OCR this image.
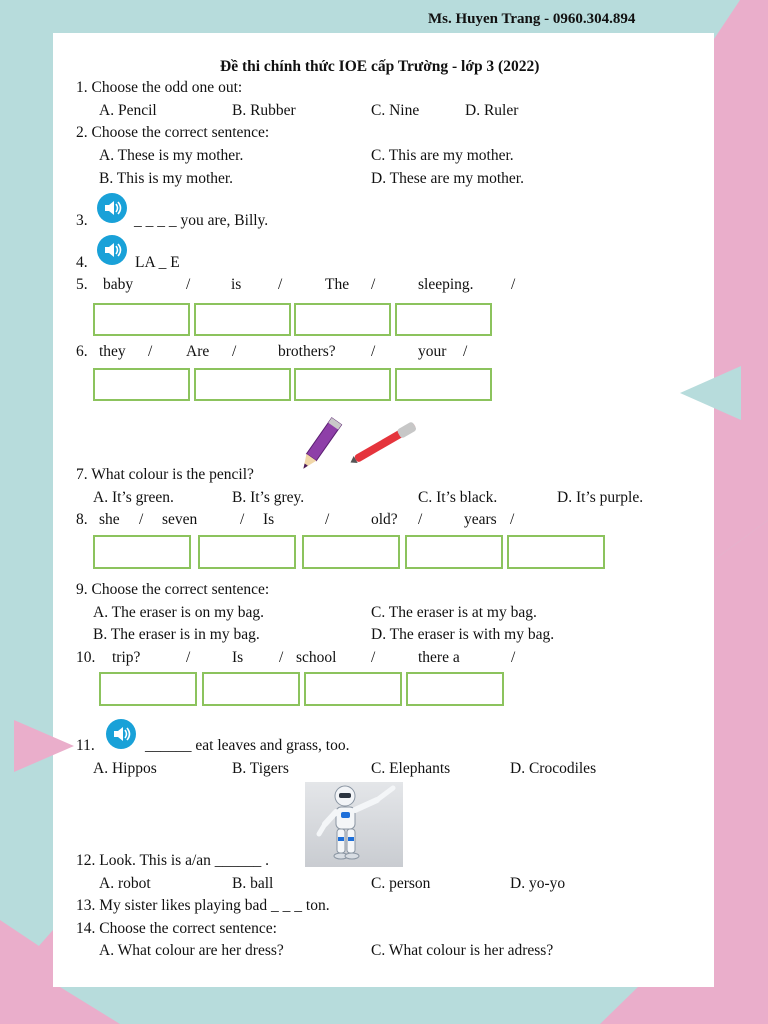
Ms. Huyen Trang - 0960.304.894
Đề thi chính thức IOE cấp Trường - lớp 3 (2022)
1. Choose the odd one out:
A. Pencil	B. Rubber	C. Nine	D. Ruler
2. Choose the correct sentence:
A. These is my mother.	C. This are my mother.
B. This is my mother.	D. These are my mother.
3.	_ _ _ _ you are, Billy.
4.	LA _ E
5. baby	/	is /	The /	sleeping. /
6. they / Are /	brothers? /	your /
7. What colour is the pencil?
A. It’s green.	B. It’s grey.	C. It’s black.	D. It’s purple.
8. she / seven	/ Is	/	old? /	years /
9. Choose the correct sentence:
A. The eraser is on my bag.	C. The eraser is at my bag.
B. The eraser is in my bag.	D. The eraser is with my bag.
10. trip?	/	Is / school /	there a	/
11.	______ eat leaves and grass, too.
A. Hippos	B. Tigers	C. Elephants	D. Crocodiles
12. Look. This is a/an ______ .
A. robot	B. ball	C. person	D. yo-yo
13. My sister likes playing bad _ _ _ ton.
14. Choose the correct sentence:
A. What colour are her dress?	C. What colour is her adress?
